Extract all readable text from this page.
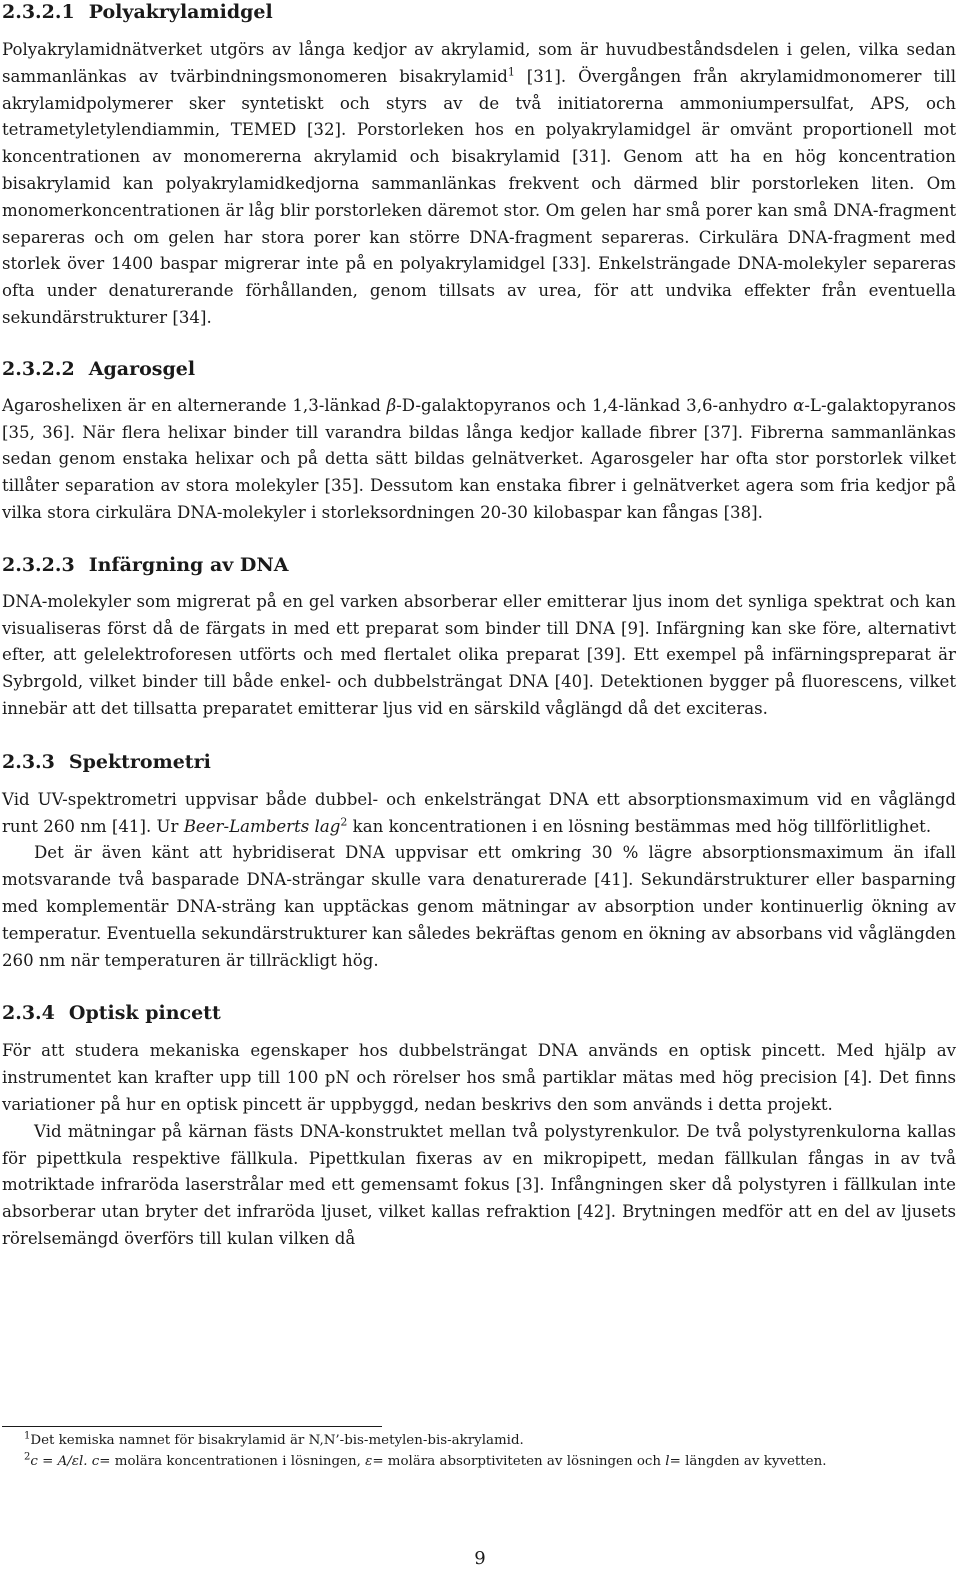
2.3.2.1 Polyakrylamidgel

Polyakrylamidnätverket utgörs av långa kedjor av akrylamid, som är huvudbeståndsdelen i gelen, vilka sedan sammanlänkas av tvärbindningsmonomeren bisakrylamid$^1$ [31]. Övergången från akrylamidmonomerer till akrylamidpolymerer sker syntetiskt och styrs av de två initiatorerna ammoniumpersulfat, APS, och tetrametyletylendiammin, TEMED [32]. Porstorleken hos en polyakrylamidgel är omvänt proportionell mot koncentrationen av monomererna akrylamid och bisakrylamid [31]. Genom att ha en hög koncentration bisakrylamid kan polyakrylamidkedjorna sammanlänkas frekvent och därmed blir porstorleken liten. Om monomerkoncentrationen är låg blir porstorleken däremot stor. Om gelen har små porer kan små DNA-fragment separeras och om gelen har stora porer kan större DNA-fragment separeras. Cirkulära DNA-fragment med storlek över 1400 baspar migrerar inte på en polyakrylamidgel [33]. Enkelsträngade DNA-molekyler separeras ofta under denaturerande förhållanden, genom tillsats av urea, för att undvika effekter från eventuella sekundärstrukturer [34].

2.3.2.2 Agarosgel

Agaroshelixen är en alternerande 1,3-länkad β-D-galaktopyranos och 1,4-länkad 3,6-anhydro α-L-galaktopyranos [35, 36]. När flera helixar binder till varandra bildas långa kedjor kallade fibrer [37]. Fibrerna sammanlänkas sedan genom enstaka helixar och på detta sätt bildas gelnätverket. Agarosgeler har ofta stor porstorlek vilket tillåter separation av stora molekyler [35]. Dessutom kan enstaka fibrer i gelnätverket agera som fria kedjor på vilka stora cirkulära DNA-molekyler i storleksordningen 20-30 kilobaspar kan fångas [38].

2.3.2.3 Infärgning av DNA

DNA-molekyler som migrerat på en gel varken absorberar eller emitterar ljus inom det synliga spektrat och kan visualiseras först då de färgats in med ett preparat som binder till DNA [9]. Infärgning kan ske före, alternativt efter, att gelelektroforesen utförts och med flertalet olika preparat [39]. Ett exempel på infärningspreparat är Sybrgold, vilket binder till både enkel- och dubbelsträngat DNA [40]. Detektionen bygger på fluorescens, vilket innebär att det tillsatta preparatet emitterar ljus vid en särskild våglängd då det exciteras.

2.3.3 Spektrometri

Vid UV-spektrometri uppvisar både dubbel- och enkelsträngat DNA ett absorptionsmaximum vid en våglängd runt 260 nm [41]. Ur Beer-Lamberts lag$^2$ kan koncentrationen i en lösning bestämmas med hög tillförlitlighet.

Det är även känt att hybridiserat DNA uppvisar ett omkring 30 % lägre absorptionsmaximum än ifall motsvarande två basparade DNA-strängar skulle vara denaturerade [41]. Sekundärstrukturer eller basparning med komplementär DNA-sträng kan upptäckas genom mätningar av absorption under kontinuerlig ökning av temperatur. Eventuella sekundärstrukturer kan således bekräftas genom en ökning av absorbans vid våglängden 260 nm när temperaturen är tillräckligt hög.

2.3.4 Optisk pincett

För att studera mekaniska egenskaper hos dubbelsträngat DNA används en optisk pincett. Med hjälp av instrumentet kan krafter upp till 100 pN och rörelser hos små partiklar mätas med hög precision [4]. Det finns variationer på hur en optisk pincett är uppbyggd, nedan beskrivs den som används i detta projekt.

Vid mätningar på kärnan fästs DNA-konstruktet mellan två polystyrenkulor. De två polystyrenkulorna kallas för pipettkula respektive fällkula. Pipettkulan fixeras av en mikropipett, medan fällkulan fångas in av två motriktade infraröda laserstrålar med ett gemensamt fokus [3]. Infångningen sker då polystyren i fällkulan inte absorberar utan bryter det infraröda ljuset, vilket kallas refraktion [42]. Brytningen medför att en del av ljusets rörelsemängd överförs till kulan vilken då

$^1$Det kemiska namnet för bisakrylamid är N,N’-bis-metylen-bis-akrylamid.

$^2$c = A/εl. c= molära koncentrationen i lösningen, ε= molära absorptiviteten av lösningen och l= längden av kyvetten.

9
